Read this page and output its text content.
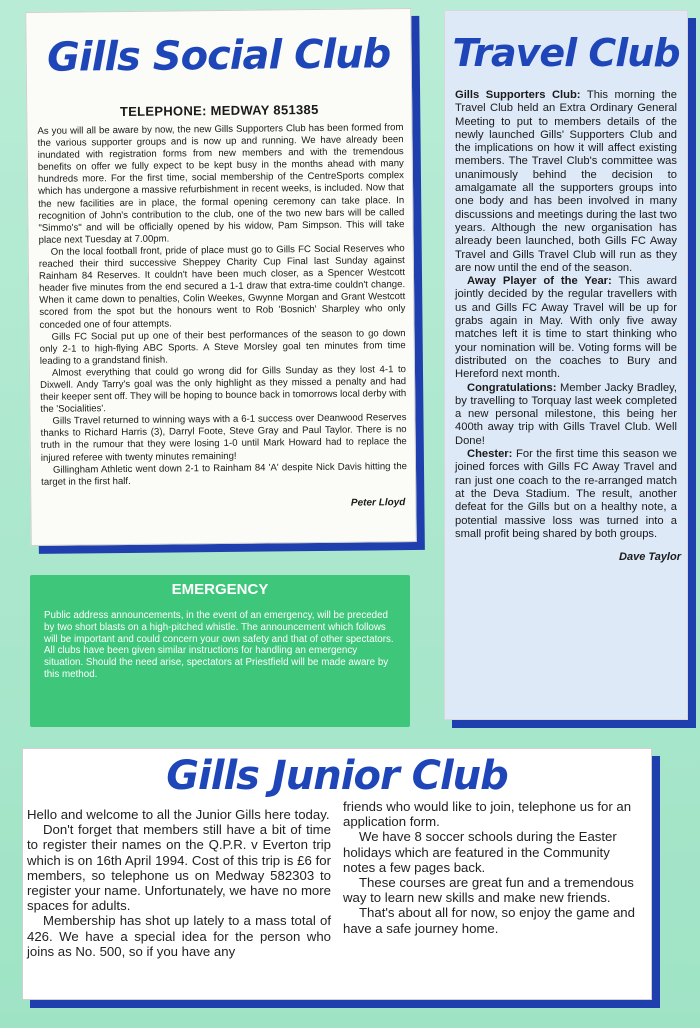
Gills Social Club
TELEPHONE: MEDWAY 851385

As you will all be aware by now, the new Gills Supporters Club has been formed from the various supporter groups and is now up and running. We have already been inundated with registration forms from new members and with the tremendous benefits on offer we fully expect to be kept busy in the months ahead with many hundreds more. For the first time, social membership of the CentreSports complex which has undergone a massive refurbishment in recent weeks, is included. Now that the new facilities are in place, the formal opening ceremony can take place. In recognition of John's contribution to the club, one of the two new bars will be called "Simmo's" and will be officially opened by his widow, Pam Simpson. This will take place next Tuesday at 7.00pm.

On the local football front, pride of place must go to Gills FC Social Reserves who reached their third successive Sheppey Charity Cup Final last Sunday against Rainham 84 Reserves. It couldn't have been much closer, as a Spencer Westcott header five minutes from the end secured a 1-1 draw that extra-time couldn't change. When it came down to penalties, Colin Weekes, Gwynne Morgan and Grant Westcott scored from the spot but the honours went to Rob 'Bosnich' Sharpley who only conceded one of four attempts.

Gills FC Social put up one of their best performances of the season to go down only 2-1 to high-flying ABC Sports. A Steve Morsley goal ten minutes from time leading to a grandstand finish.

Almost everything that could go wrong did for Gills Sunday as they lost 4-1 to Dixwell. Andy Tarry's goal was the only highlight as they missed a penalty and had their keeper sent off. They will be hoping to bounce back in tomorrows local derby with the 'Socialities'.

Gills Travel returned to winning ways with a 6-1 success over Deanwood Reserves thanks to Richard Harris (3), Darryl Foote, Steve Gray and Paul Taylor. There is no truth in the rumour that they were losing 1-0 until Mark Howard had to replace the injured referee with twenty minutes remaining!

Gillingham Athletic went down 2-1 to Rainham 84 'A' despite Nick Davis hitting the target in the first half.

Peter Lloyd
EMERGENCY
Public address announcements, in the event of an emergency, will be preceded by two short blasts on a high-pitched whistle. The announcement which follows will be important and could concern your own safety and that of other spectators. All clubs have been given similar instructions for handling an emergency situation. Should the need arise, spectators at Priestfield will be made aware by this method.
Travel Club

Gills Supporters Club: This morning the Travel Club held an Extra Ordinary General Meeting to put to members details of the newly launched Gills' Supporters Club and the implications on how it will affect existing members. The Travel Club's committee was unanimously behind the decision to amalgamate all the supporters groups into one body and has been involved in many discussions and meetings during the last two years. Although the new organisation has already been launched, both Gills FC Away Travel and Gills Travel Club will run as they are now until the end of the season.

Away Player of the Year: This award jointly decided by the regular travellers with us and Gills FC Away Travel will be up for grabs again in May. With only five away matches left it is time to start thinking who your nomination will be. Voting forms will be distributed on the coaches to Bury and Hereford next month.

Congratulations: Member Jacky Bradley, by travelling to Torquay last week completed a new personal milestone, this being her 400th away trip with Gills Travel Club. Well Done!

Chester: For the first time this season we joined forces with Gills FC Away Travel and ran just one coach to the re-arranged match at the Deva Stadium. The result, another defeat for the Gills but on a healthy note, a potential massive loss was turned into a small profit being shared by both groups.

Dave Taylor
Gills Junior Club

Hello and welcome to all the Junior Gills here today.

Don't forget that members still have a bit of time to register their names on the Q.P.R. v Everton trip which is on 16th April 1994. Cost of this trip is £6 for members, so telephone us on Medway 582303 to register your name. Unfortunately, we have no more spaces for adults.

Membership has shot up lately to a mass total of 426. We have a special idea for the person who joins as No. 500, so if you have any

friends who would like to join, telephone us for an application form.

We have 8 soccer schools during the Easter holidays which are featured in the Community notes a few pages back.

These courses are great fun and a tremendous way to learn new skills and make new friends.

That's about all for now, so enjoy the game and have a safe journey home.
